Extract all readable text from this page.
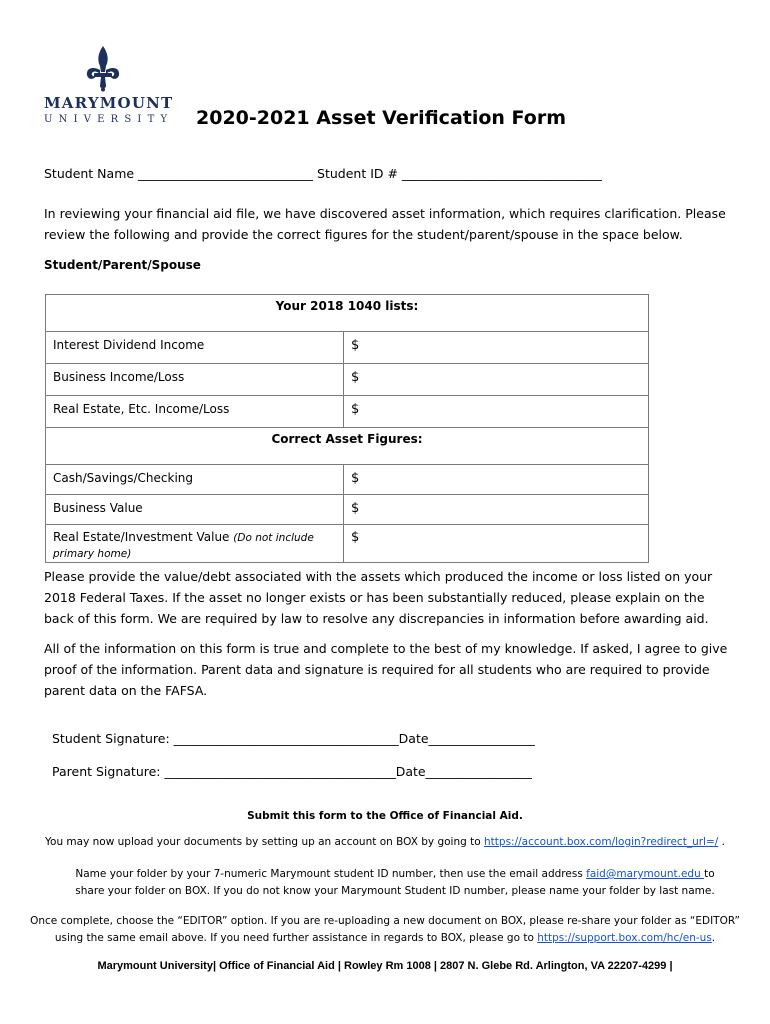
MARYMOUNT
UNIVERSITY 2020-2021 Asset Verification Form
Student Name ____________________________ Student ID # ________________________________

In reviewing your financial aid file, we have discovered asset information, which requires clarification. Please review the following and provide the correct figures for the student/parent/spouse in the space below.

Student/Parent/Spouse
Your 2018 1040 lists:	
Interest Dividend Income	$
Business Income/Loss	$
Real Estate, Etc. Income/Loss	$
Correct Asset Figures:	
Cash/Savings/Checking	$
Business Value	$
Real Estate/Investment Value (Do not include primary home)	$

Please provide the value/debt associated with the assets which produced the income or loss listed on your 2018 Federal Taxes. If the asset no longer exists or has been substantially reduced, please explain on the back of this form. We are required by law to resolve any discrepancies in information before awarding aid.

All of the information on this form is true and complete to the best of my knowledge. If asked, I agree to give proof of the information. Parent data and signature is required for all students who are required to provide parent data on the FAFSA.

Student Signature: ____________________________________Date_________________
Parent Signature: _____________________________________Date_________________
Submit this form to the Office of Financial Aid.
You may now upload your documents by setting up an account on BOX by going to https://account.box.com/login?redirect_url=/ .
Name your folder by your 7-numeric Marymount student ID number, then use the email address faid@marymount.edu to share your folder on BOX. If you do not know your Marymount Student ID number, please name your folder by last name.
Once complete, choose the “EDITOR” option. If you are re-uploading a new document on BOX, please re-share your folder as “EDITOR” using the same email above. If you need further assistance in regards to BOX, please go to https://support.box.com/hc/en-us.
Marymount University| Office of Financial Aid | Rowley Rm 1008 | 2807 N. Glebe Rd. Arlington, VA 22207-4299 |
